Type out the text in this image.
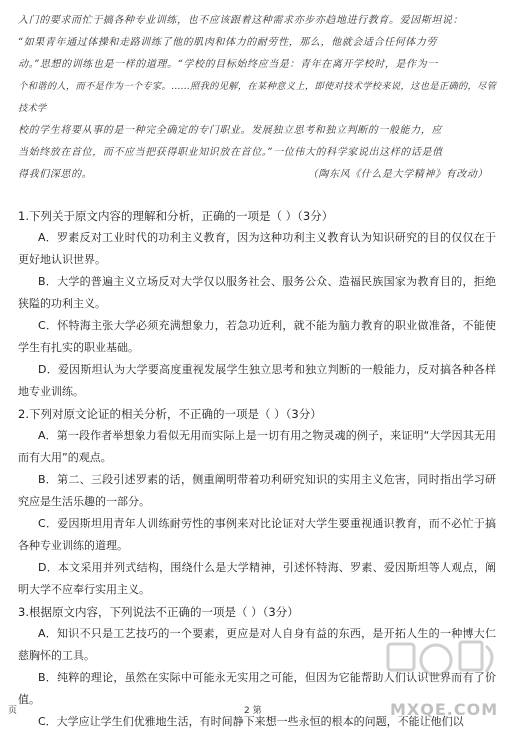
入门的要求而忙于搞各种专业训练，也不应该跟着这种需求亦步亦趋地进行教育。爱因斯坦说：

“如果青年通过体操和走路训练了他的肌肉和体力的耐劳性，那么，他就会适合任何体力劳

动。”思想的训练也是一样的道理。“学校的目标始终应当是：青年在离开学校时，是作为一

个和谐的人，而不是作为一个专家。……照我的见解，在某种意义上，即使对技术学校来说，这也是正确的，尽管技术学

校的学生将要从事的是一种完全确定的专门职业。发展独立思考和独立判断的一般能力，应

当始终放在首位，而不应当把获得职业知识放在首位。”一位伟大的科学家说出这样的话是值

得我们深思的。	（陶东风《什么是大学精神》有改动）

1.下列关于原文内容的理解和分析，正确的一项是（ ）（3分）

A．罗素反对工业时代的功利主义教育，因为这种功利主义教育认为知识研究的目的仅仅在于更好地认识世界。

B．大学的普遍主义立场反对大学仅以服务社会、服务公众、造福民族国家为教育目的，拒绝狭隘的功利主义。

C．怀特海主张大学必须充满想象力，若急功近利，就不能为脑力教育的职业做准备，不能使学生有扎实的职业基础。

D．爱因斯坦认为大学要高度重视发展学生独立思考和独立判断的一般能力，反对搞各种各样地专业训练。

2.下列对原文论证的相关分析，不正确的一项是（ ）（3分）

A．第一段作者举想象力看似无用而实际上是一切有用之物灵魂的例子，来证明“大学因其无用而有大用”的观点。

B．第二、三段引述罗素的话，侧重阐明带着功利研究知识的实用主义危害，同时指出学习研究应是生活乐趣的一部分。

C．爱因斯坦用青年人训练耐劳性的事例来对比论证对大学生要重视通识教育，而不必忙于搞各种专业训练的道理。

D．本文采用并列式结构，围绕什么是大学精神，引述怀特海、罗素、爱因斯坦等人观点，阐明大学不应奉行实用主义。

3.根据原文内容，下列说法不正确的一项是（ ）（3分）

A．知识不只是工艺技巧的一个要素，更应是对人自身有益的东西，是开拓人生的一种博大仁慈胸怀的工具。

B．纯粹的理论，虽然在实际中可能永无实用之可能，但因为它能帮助人们认识世界而有了价值。

C．大学应让学生们优雅地生活，有时间静下来想一些永恒的根本的问题，不能让他们以

MXQE.COM
页	2 第
